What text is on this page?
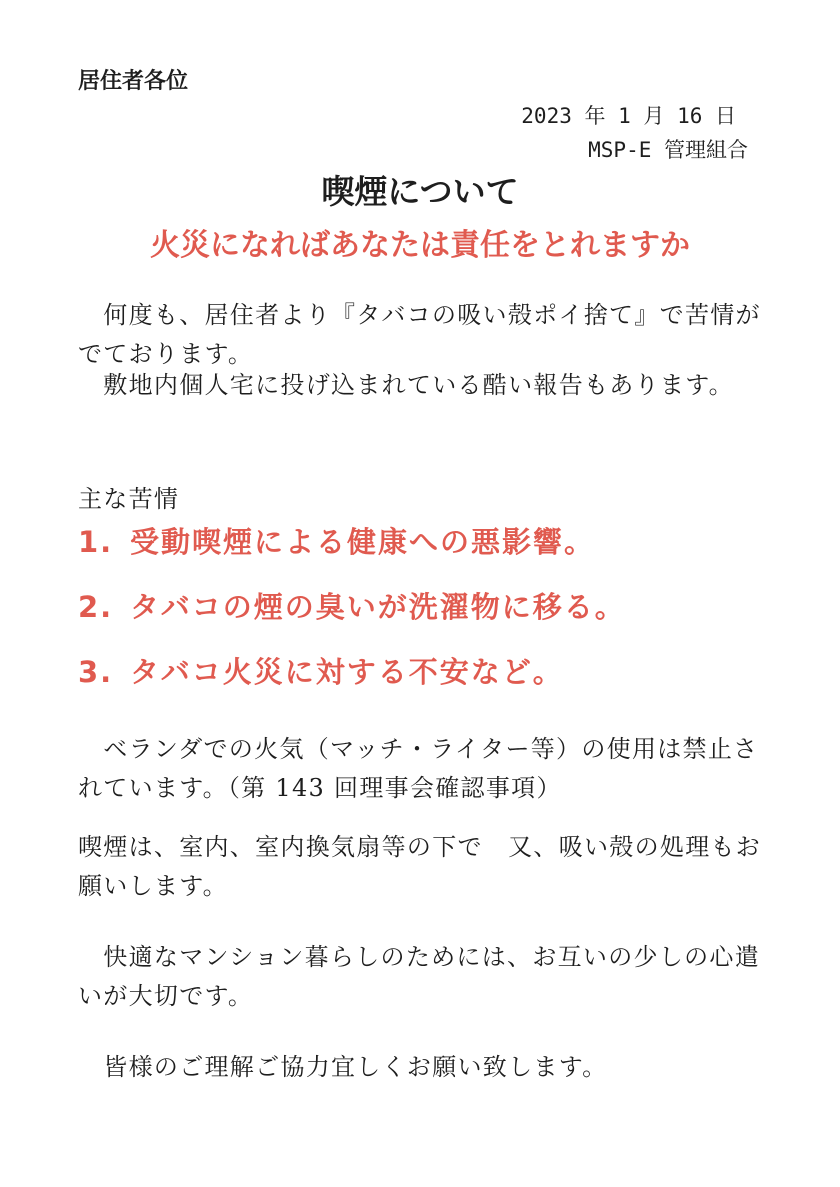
居住者各位
2023 年 1 月 16 日
MSP-E 管理組合
喫煙について
火災になればあなたは責任をとれますか
　何度も、居住者より『タバコの吸い殻ポイ捨て』で苦情がでております。
　敷地内個人宅に投げ込まれている酷い報告もあります。
主な苦情
1. 受動喫煙による健康への悪影響。
2. タバコの煙の臭いが洗濯物に移る。
3. タバコ火災に対する不安など。
　ベランダでの火気（マッチ・ライター等）の使用は禁止されています。（第 143 回理事会確認事項）
喫煙は、室内、室内換気扇等の下で　又、吸い殻の処理もお願いします。
　快適なマンション暮らしのためには、お互いの少しの心遣いが大切です。
　皆様のご理解ご協力宜しくお願い致します。
